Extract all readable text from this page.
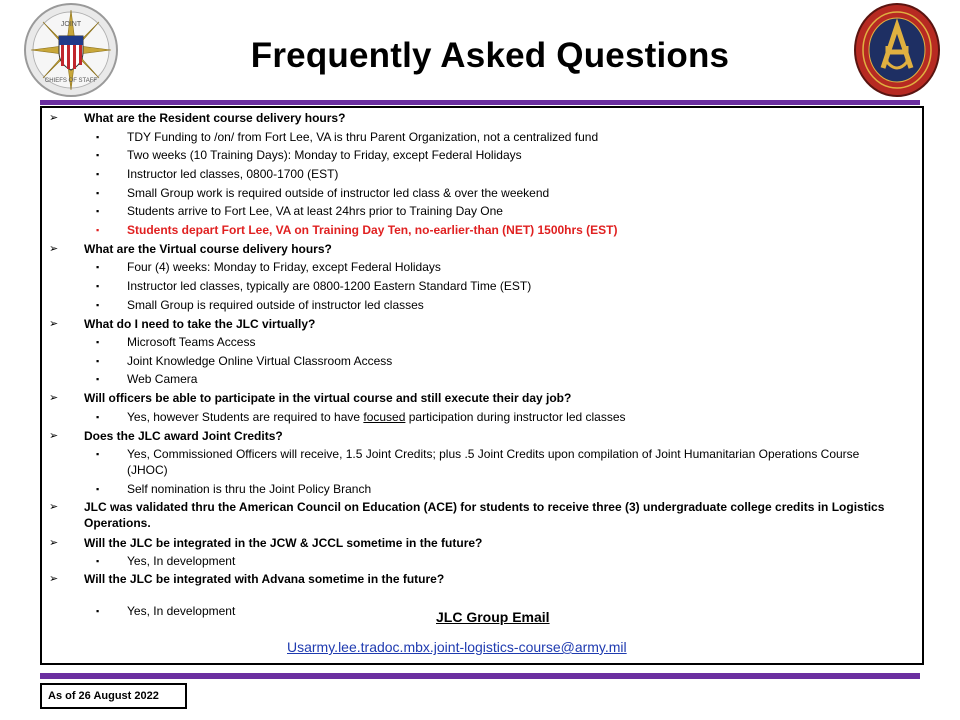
JOINT
CHIEFS OF STAFF
Frequently Asked Questions
➢ What are the Resident course delivery hours?
▪ TDY Funding to /on/ from Fort Lee, VA is thru Parent Organization, not a centralized fund
▪ Two weeks (10 Training Days): Monday to Friday, except Federal Holidays
▪ Instructor led classes, 0800-1700 (EST)
▪ Small Group work is required outside of instructor led class & over the weekend
▪ Students arrive to Fort Lee, VA at least 24hrs prior to Training Day One
▪ Students depart Fort Lee, VA on Training Day Ten, no-earlier-than (NET) 1500hrs (EST)
➢ What are the Virtual course delivery hours?
▪ Four (4) weeks: Monday to Friday, except Federal Holidays
▪ Instructor led classes, typically are 0800-1200 Eastern Standard Time (EST)
▪ Small Group is required outside of instructor led classes
➢ What do I need to take the JLC virtually?
▪ Microsoft Teams Access
▪ Joint Knowledge Online Virtual Classroom Access
▪ Web Camera
➢ Will officers be able to participate in the virtual course and still execute their day job?
▪ Yes, however Students are required to have focused participation during instructor led classes
➢ Does the JLC award Joint Credits?
▪ Yes, Commissioned Officers will receive, 1.5 Joint Credits; plus .5 Joint Credits upon compilation of Joint Humanitarian Operations Course (JHOC)
▪ Self nomination is thru the Joint Policy Branch
➢ JLC was validated thru the American Council on Education (ACE) for students to receive three (3) undergraduate college credits in Logistics Operations.
➢ Will the JLC be integrated in the JCW & JCCL sometime in the future?
▪ Yes, In development
➢ Will the JLC be integrated with Advana sometime in the future?
▪ Yes, In development	JLC Group Email
Usarmy.lee.tradoc.mbx.joint-logistics-course@army.mil
As of 26 August 2022
